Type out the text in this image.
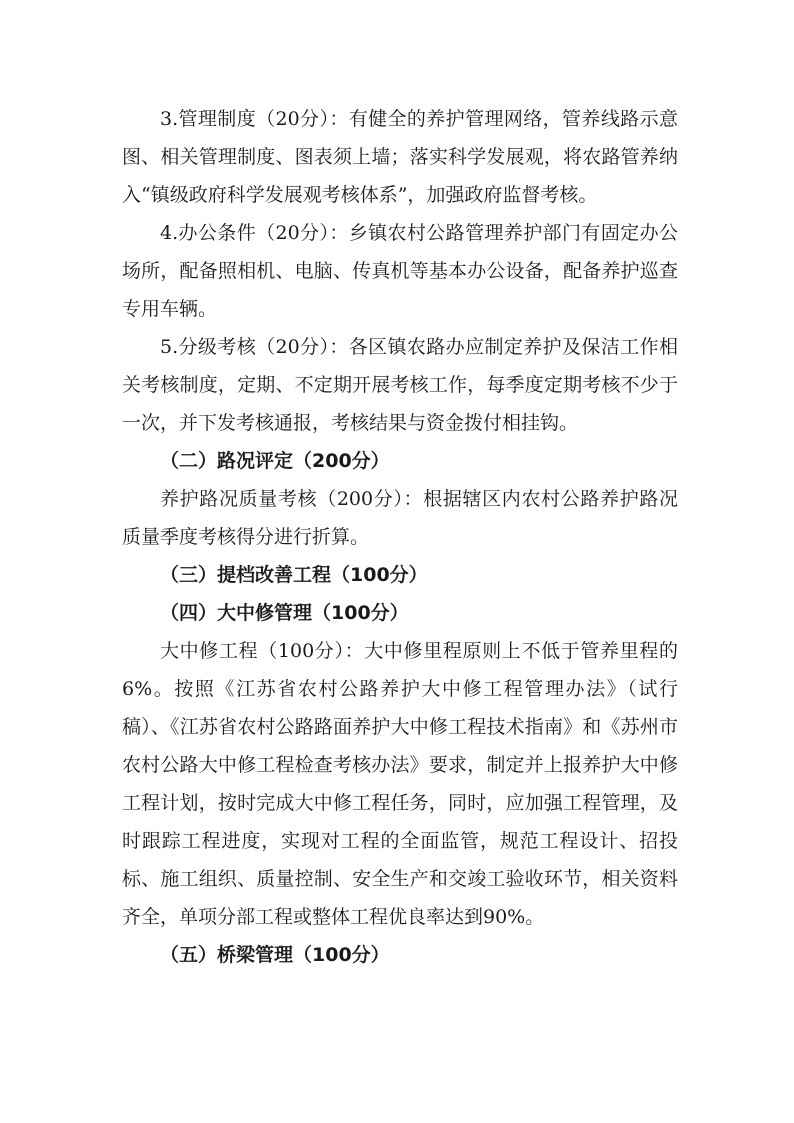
3.管理制度（20分）：有健全的养护管理网络，管养线路示意图、相关管理制度、图表须上墙；落实科学发展观，将农路管养纳入“镇级政府科学发展观考核体系”，加强政府监督考核。

4.办公条件（20分）：乡镇农村公路管理养护部门有固定办公场所，配备照相机、电脑、传真机等基本办公设备，配备养护巡查专用车辆。

5.分级考核（20分）：各区镇农路办应制定养护及保洁工作相关考核制度，定期、不定期开展考核工作，每季度定期考核不少于一次，并下发考核通报，考核结果与资金拨付相挂钩。

（二）路况评定（200分）

养护路况质量考核（200分）：根据辖区内农村公路养护路况质量季度考核得分进行折算。

（三）提档改善工程（100分）

（四）大中修管理（100分）

大中修工程（100分）：大中修里程原则上不低于管养里程的6%。按照《江苏省农村公路养护大中修工程管理办法》（试行稿）、《江苏省农村公路路面养护大中修工程技术指南》和《苏州市农村公路大中修工程检查考核办法》要求，制定并上报养护大中修工程计划，按时完成大中修工程任务，同时，应加强工程管理，及时跟踪工程进度，实现对工程的全面监管，规范工程设计、招投标、施工组织、质量控制、安全生产和交竣工验收环节，相关资料齐全，单项分部工程或整体工程优良率达到90%。

（五）桥梁管理（100分）
